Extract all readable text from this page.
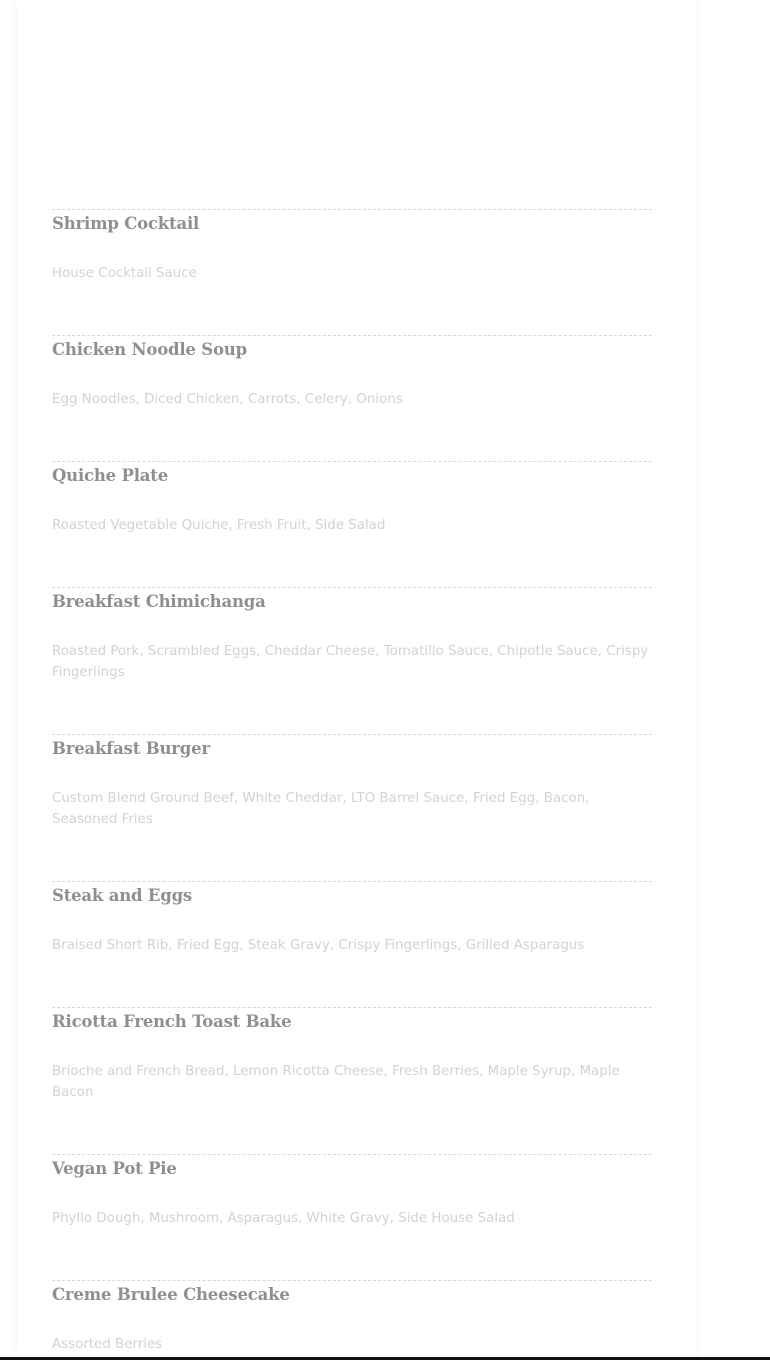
Shrimp Cocktail
House Cocktail Sauce
Chicken Noodle Soup
Egg Noodles, Diced Chicken, Carrots, Celery, Onions
Quiche Plate
Roasted Vegetable Quiche, Fresh Fruit, Side Salad
Breakfast Chimichanga
Roasted Pork, Scrambled Eggs, Cheddar Cheese, Tomatillo Sauce, Chipotle Sauce, Crispy Fingerlings
Breakfast Burger
Custom Blend Ground Beef, White Cheddar, LTO Barrel Sauce, Fried Egg, Bacon, Seasoned Fries
Steak and Eggs
Braised Short Rib, Fried Egg, Steak Gravy, Crispy Fingerlings, Grilled Asparagus
Ricotta French Toast Bake
Brioche and French Bread, Lemon Ricotta Cheese, Fresh Berries, Maple Syrup, Maple Bacon
Vegan Pot Pie
Phyllo Dough, Mushroom, Asparagus, White Gravy, Side House Salad
Creme Brulee Cheesecake
Assorted Berries
